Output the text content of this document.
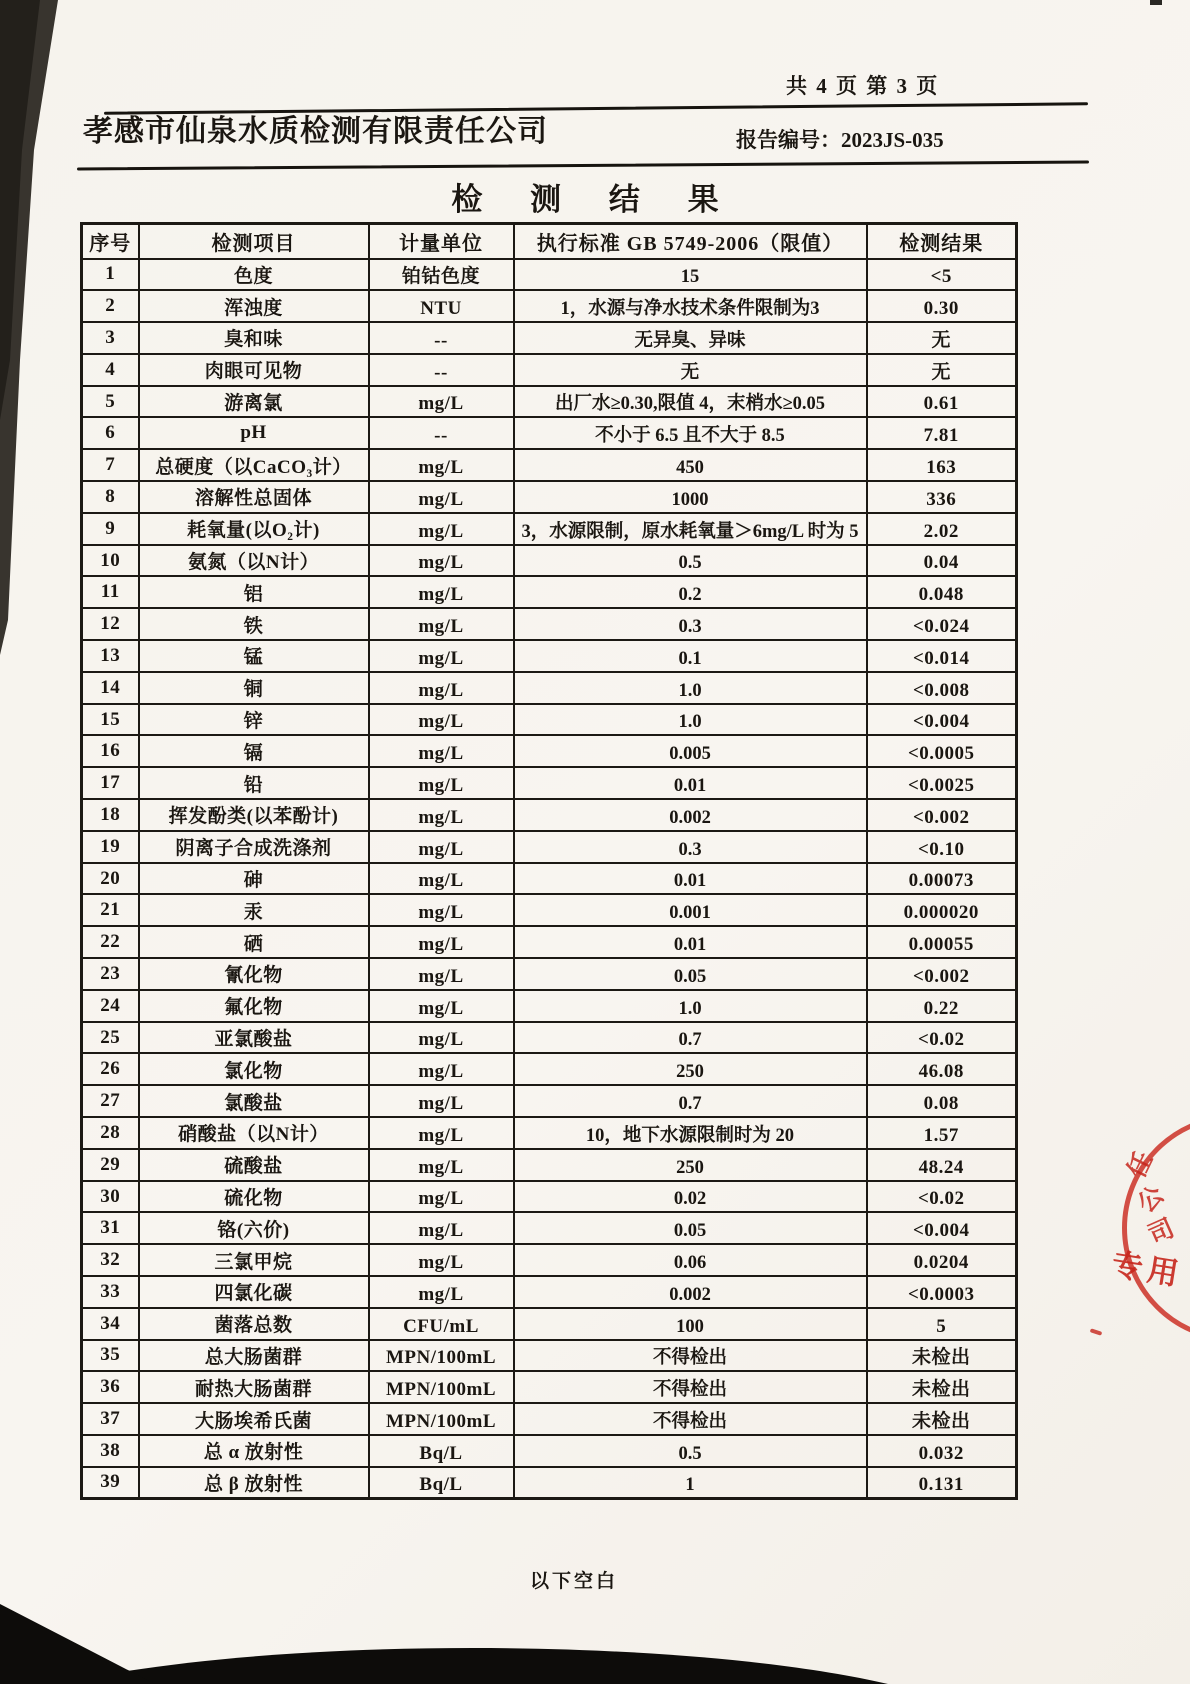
共 4 页 第 3 页
孝感市仙泉水质检测有限责任公司	报告编号：2023JS-035
检 测 结 果
序号	检测项目	计量单位	执行标准 GB 5749-2006（限值）	检测结果
1	色度	铂钴色度	15	<5
2	浑浊度	NTU	1，水源与净水技术条件限制为3	0.30
3	臭和味	--	无异臭、异味	无
4	肉眼可见物	--	无	无
5	游离氯	mg/L	出厂水≥0.30,限值 4，末梢水≥0.05	0.61
6	pH	--	不小于 6.5 且不大于 8.5	7.81
7	总硬度（以CaCO₃计）	mg/L	450	163
8	溶解性总固体	mg/L	1000	336
9	耗氧量(以O₂计)	mg/L	3，水源限制，原水耗氧量＞6mg/L 时为 5	2.02
10	氨氮（以N计）	mg/L	0.5	0.04
11	铝	mg/L	0.2	0.048
12	铁	mg/L	0.3	<0.024
13	锰	mg/L	0.1	<0.014
14	铜	mg/L	1.0	<0.008
15	锌	mg/L	1.0	<0.004
16	镉	mg/L	0.005	<0.0005
17	铅	mg/L	0.01	<0.0025
18	挥发酚类(以苯酚计)	mg/L	0.002	<0.002
19	阴离子合成洗涤剂	mg/L	0.3	<0.10
20	砷	mg/L	0.01	0.00073
21	汞	mg/L	0.001	0.000020
22	硒	mg/L	0.01	0.00055
23	氰化物	mg/L	0.05	<0.002
24	氟化物	mg/L	1.0	0.22
25	亚氯酸盐	mg/L	0.7	<0.02
26	氯化物	mg/L	250	46.08
27	氯酸盐	mg/L	0.7	0.08
28	硝酸盐（以N计）	mg/L	10，地下水源限制时为 20	1.57
29	硫酸盐	mg/L	250	48.24
30	硫化物	mg/L	0.02	<0.02
31	铬(六价)	mg/L	0.05	<0.004
32	三氯甲烷	mg/L	0.06	0.0204
33	四氯化碳	mg/L	0.002	<0.0003
34	菌落总数	CFU/mL	100	5
35	总大肠菌群	MPN/100mL	不得检出	未检出
36	耐热大肠菌群	MPN/100mL	不得检出	未检出
37	大肠埃希氏菌	MPN/100mL	不得检出	未检出
38	总 α 放射性	Bq/L	0.5	0.032
39	总 β 放射性	Bq/L	1	0.131
以下空白
任
公
司
专用
